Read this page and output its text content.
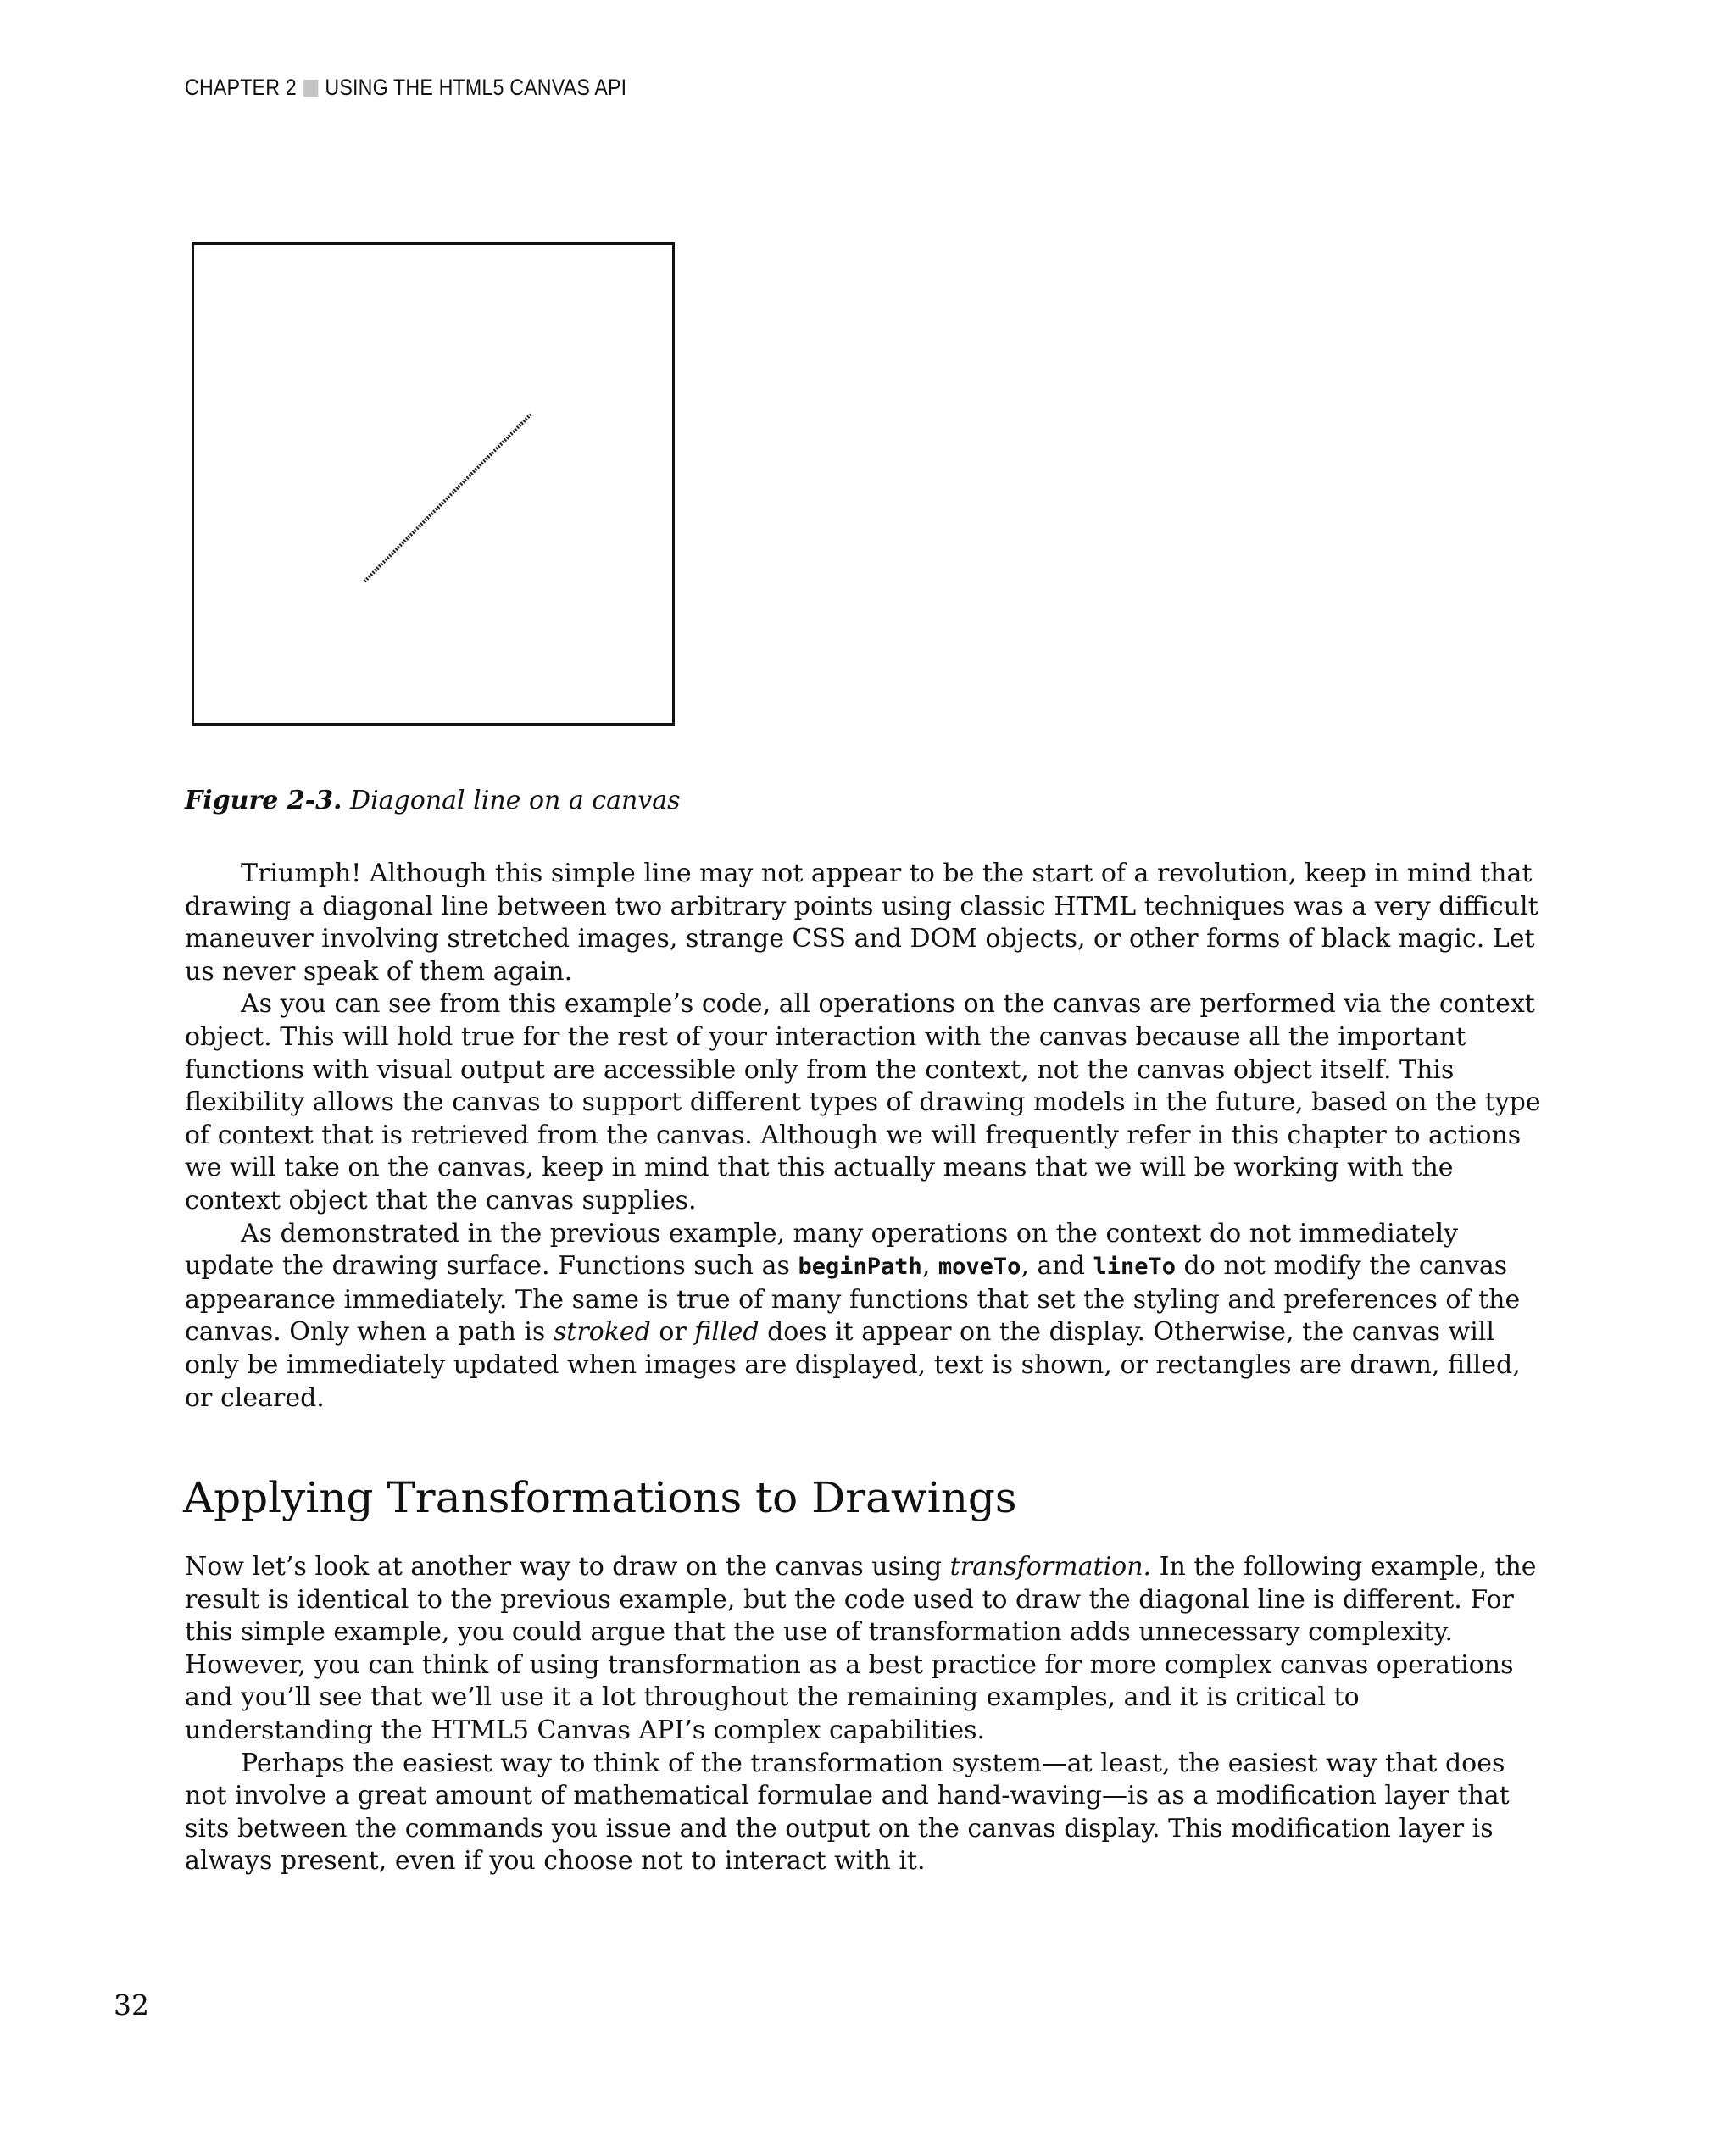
CHAPTER 2 USING THE HTML5 CANVAS API
Figure 2-3. Diagonal line on a canvas

Triumph! Although this simple line may not appear to be the start of a revolution, keep in mind that drawing a diagonal line between two arbitrary points using classic HTML techniques was a very difficult maneuver involving stretched images, strange CSS and DOM objects, or other forms of black magic. Let us never speak of them again.

As you can see from this example’s code, all operations on the canvas are performed via the context object. This will hold true for the rest of your interaction with the canvas because all the important functions with visual output are accessible only from the context, not the canvas object itself. This flexibility allows the canvas to support different types of drawing models in the future, based on the type of context that is retrieved from the canvas. Although we will frequently refer in this chapter to actions we will take on the canvas, keep in mind that this actually means that we will be working with the context object that the canvas supplies.

As demonstrated in the previous example, many operations on the context do not immediately update the drawing surface. Functions such as beginPath, moveTo, and lineTo do not modify the canvas appearance immediately. The same is true of many functions that set the styling and preferences of the canvas. Only when a path is stroked or filled does it appear on the display. Otherwise, the canvas will only be immediately updated when images are displayed, text is shown, or rectangles are drawn, filled, or cleared.

Applying Transformations to Drawings

Now let’s look at another way to draw on the canvas using transformation. In the following example, the result is identical to the previous example, but the code used to draw the diagonal line is different. For this simple example, you could argue that the use of transformation adds unnecessary complexity. However, you can think of using transformation as a best practice for more complex canvas operations and you’ll see that we’ll use it a lot throughout the remaining examples, and it is critical to understanding the HTML5 Canvas API’s complex capabilities.

Perhaps the easiest way to think of the transformation system—at least, the easiest way that does not involve a great amount of mathematical formulae and hand-waving—is as a modification layer that sits between the commands you issue and the output on the canvas display. This modification layer is always present, even if you choose not to interact with it.

32
